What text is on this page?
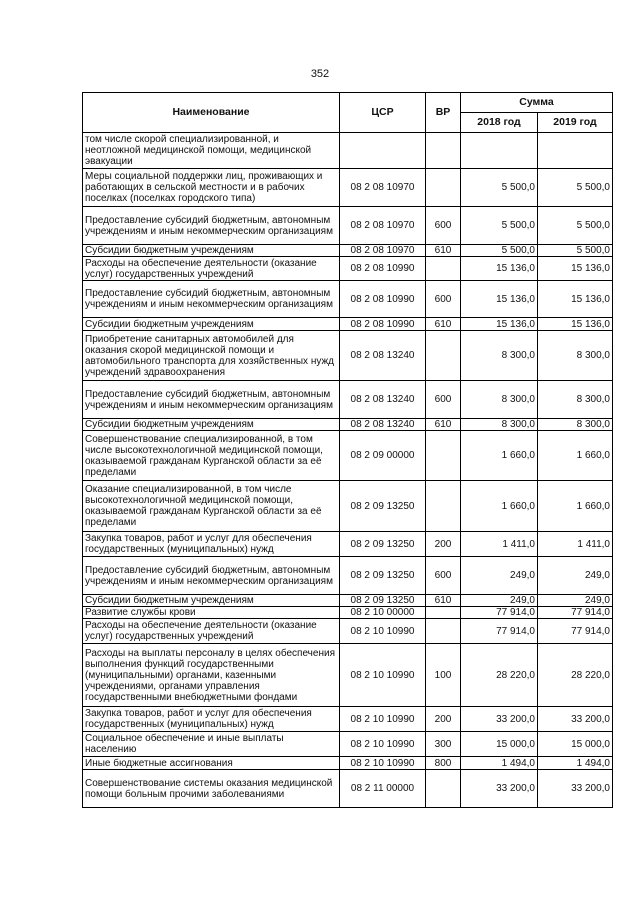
352
Наименование	ЦСР	ВР	Сумма	
			2018 год	2019 год
том числе скорой специализированной, и неотложной медицинской помощи, медицинской эвакуации				
Меры социальной поддержки лиц, проживающих и работающих в сельской местности и в рабочих поселках (поселках городского типа)	08 2 08 10970		5 500,0	5 500,0
Предоставление субсидий бюджетным, автономным учреждениям и иным некоммерческим организациям	08 2 08 10970	600	5 500,0	5 500,0
Субсидии бюджетным учреждениям	08 2 08 10970	610	5 500,0	5 500,0
Расходы на обеспечение деятельности (оказание услуг) государственных учреждений	08 2 08 10990		15 136,0	15 136,0
Предоставление субсидий бюджетным, автономным учреждениям и иным некоммерческим организациям	08 2 08 10990	600	15 136,0	15 136,0
Субсидии бюджетным учреждениям	08 2 08 10990	610	15 136,0	15 136,0
Приобретение санитарных автомобилей для оказания скорой медицинской помощи и автомобильного транспорта для хозяйственных нужд учреждений здравоохранения	08 2 08 13240		8 300,0	8 300,0
Предоставление субсидий бюджетным, автономным учреждениям и иным некоммерческим организациям	08 2 08 13240	600	8 300,0	8 300,0
Субсидии бюджетным учреждениям	08 2 08 13240	610	8 300,0	8 300,0
Совершенствование специализированной, в том числе высокотехнологичной медицинской помощи, оказываемой гражданам Курганской области за её пределами	08 2 09 00000		1 660,0	1 660,0
Оказание специализированной, в том числе высокотехнологичной медицинской помощи, оказываемой гражданам Курганской области за её пределами	08 2 09 13250		1 660,0	1 660,0
Закупка товаров, работ и услуг для обеспечения государственных (муниципальных) нужд	08 2 09 13250	200	1 411,0	1 411,0
Предоставление субсидий бюджетным, автономным учреждениям и иным некоммерческим организациям	08 2 09 13250	600	249,0	249,0
Субсидии бюджетным учреждениям	08 2 09 13250	610	249,0	249,0
Развитие службы крови	08 2 10 00000		77 914,0	77 914,0
Расходы на обеспечение деятельности (оказание услуг) государственных учреждений	08 2 10 10990		77 914,0	77 914,0
Расходы на выплаты персоналу в целях обеспечения выполнения функций государственными (муниципальными) органами, казенными учреждениями, органами управления государственными внебюджетными фондами	08 2 10 10990	100	28 220,0	28 220,0
Закупка товаров, работ и услуг для обеспечения государственных (муниципальных) нужд	08 2 10 10990	200	33 200,0	33 200,0
Социальное обеспечение и иные выплаты населению	08 2 10 10990	300	15 000,0	15 000,0
Иные бюджетные ассигнования	08 2 10 10990	800	1 494,0	1 494,0
Совершенствование системы оказания медицинской помощи больным прочими заболеваниями	08 2 11 00000		33 200,0	33 200,0
